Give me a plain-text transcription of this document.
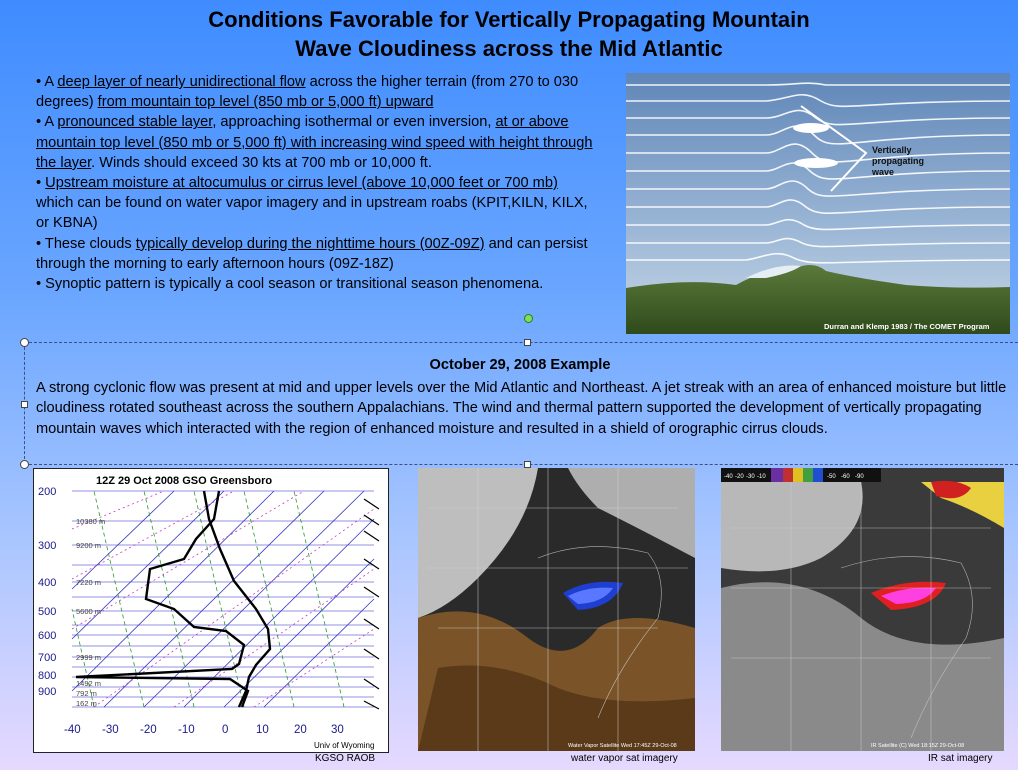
Conditions Favorable for Vertically Propagating Mountain
Wave Cloudiness across the Mid Atlantic
• A deep layer of nearly unidirectional flow across the higher terrain (from 270 to 030 degrees) from mountain top level (850 mb or 5,000 ft) upward
• A pronounced stable layer, approaching isothermal or even inversion, at or above mountain top level (850 mb or 5,000 ft) with increasing wind speed with height through the layer. Winds should exceed 30 kts at 700 mb or 10,000 ft.
• Upstream moisture at altocumulus or cirrus level (above 10,000 feet or 700 mb) which can be found on water vapor imagery and in upstream roabs (KPIT,KILN, KILX, or KBNA)
• These clouds typically develop during the nighttime hours (00Z-09Z) and can persist through the morning to early afternoon hours (09Z-18Z)
• Synoptic pattern is typically a cool season or transitional season phenomena.
Vertically
propagating
wave
Durran and Klemp 1983 / The COMET Program
October 29, 2008 Example
A strong cyclonic flow was present at mid and upper levels over the Mid Atlantic and Northeast. A jet streak with an area of enhanced moisture but little cloudiness rotated southeast across the southern Appalachians. The wind and thermal pattern supported the development of vertically propagating mountain waves which interacted with the region of enhanced moisture and resulted in a shield of orographic cirrus clouds.
12Z 29 Oct 2008 GSO Greensboro
200
300
400
500
600
700
800
900
10380 m
9200 m
7220 m
5600 m
2999 m
1492 m
792 m
162 m
-40 -30 -20 -10 0 10 20 30
Univ of Wyoming	Water Vapor Satellite Wed 17:45Z 29-Oct-08
-40 -20 -30 -10	-50 -60 -90
IR Satellite (C) Wed 18:15Z 29-Oct-08
KGSO RAOB	water vapor sat imagery	IR sat imagery
